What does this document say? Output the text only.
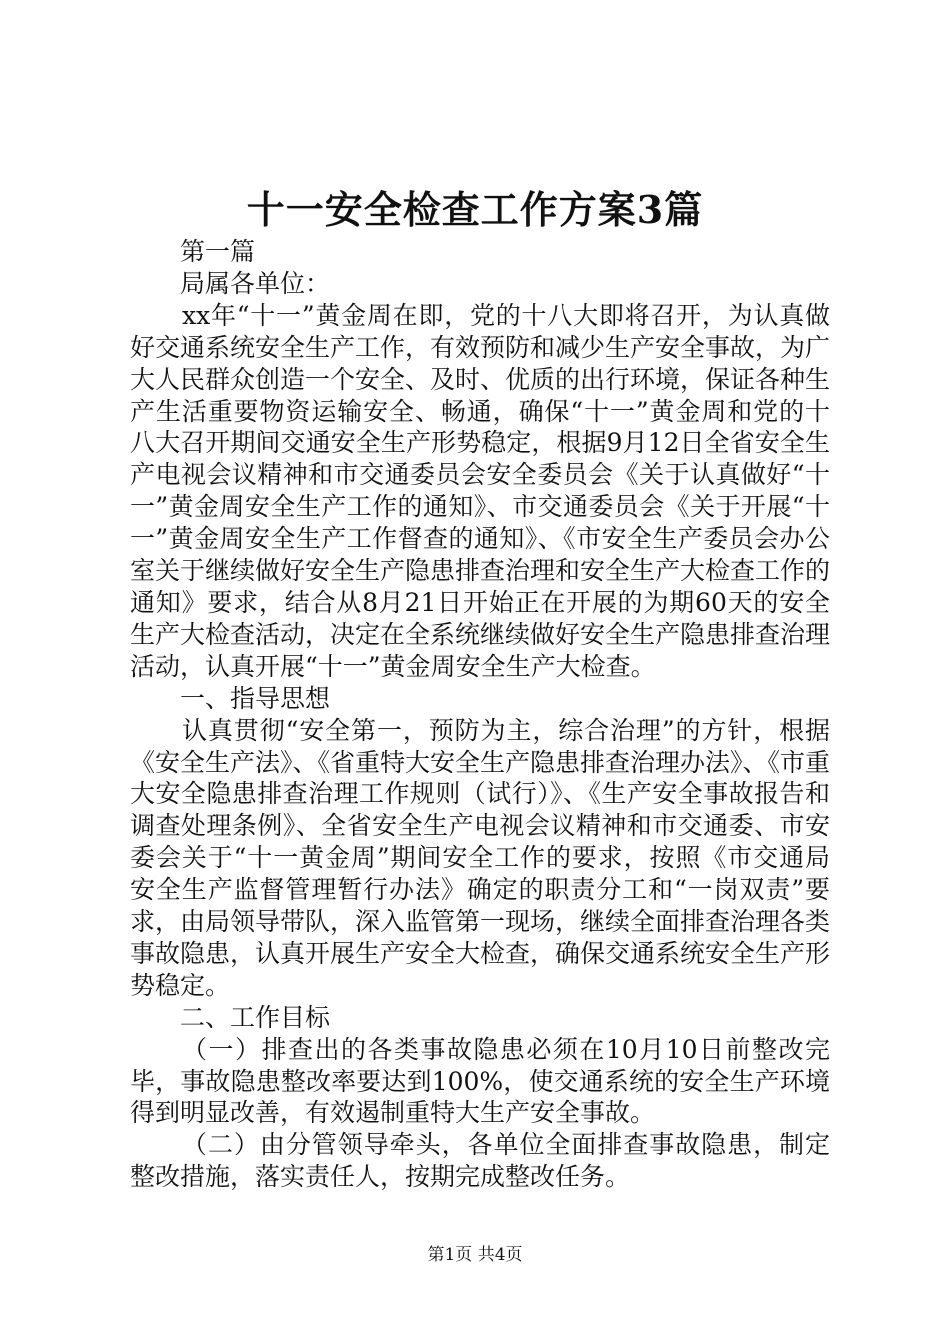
十一安全检查工作方案3篇

第一篇

局属各单位：

xx年“十一”黄金周在即，党的十八大即将召开，为认真做好交通系统安全生产工作，有效预防和减少生产安全事故，为广大人民群众创造一个安全、及时、优质的出行环境，保证各种生产生活重要物资运输安全、畅通，确保“十一”黄金周和党的十八大召开期间交通安全生产形势稳定，根据9月12日全省安全生产电视会议精神和市交通委员会安全委员会《关于认真做好“十一”黄金周安全生产工作的通知》、市交通委员会《关于开展“十一”黄金周安全生产工作督查的通知》、《市安全生产委员会办公室关于继续做好安全生产隐患排查治理和安全生产大检查工作的通知》要求，结合从8月21日开始正在开展的为期60天的安全生产大检查活动，决定在全系统继续做好安全生产隐患排查治理活动，认真开展“十一”黄金周安全生产大检查。

一、指导思想

认真贯彻“安全第一，预防为主，综合治理”的方针，根据《安全生产法》、《省重特大安全生产隐患排查治理办法》、《市重大安全隐患排查治理工作规则（试行）》、《生产安全事故报告和调查处理条例》、全省安全生产电视会议精神和市交通委、市安委会关于“十一黄金周”期间安全工作的要求，按照《市交通局安全生产监督管理暂行办法》确定的职责分工和“一岗双责”要求，由局领导带队，深入监管第一现场，继续全面排查治理各类事故隐患，认真开展生产安全大检查，确保交通系统安全生产形势稳定。

二、工作目标

（一）排查出的各类事故隐患必须在10月10日前整改完毕，事故隐患整改率要达到100%，使交通系统的安全生产环境得到明显改善，有效遏制重特大生产安全事故。

（二）由分管领导牵头，各单位全面排查事故隐患，制定整改措施，落实责任人，按期完成整改任务。

第1页 共4页
